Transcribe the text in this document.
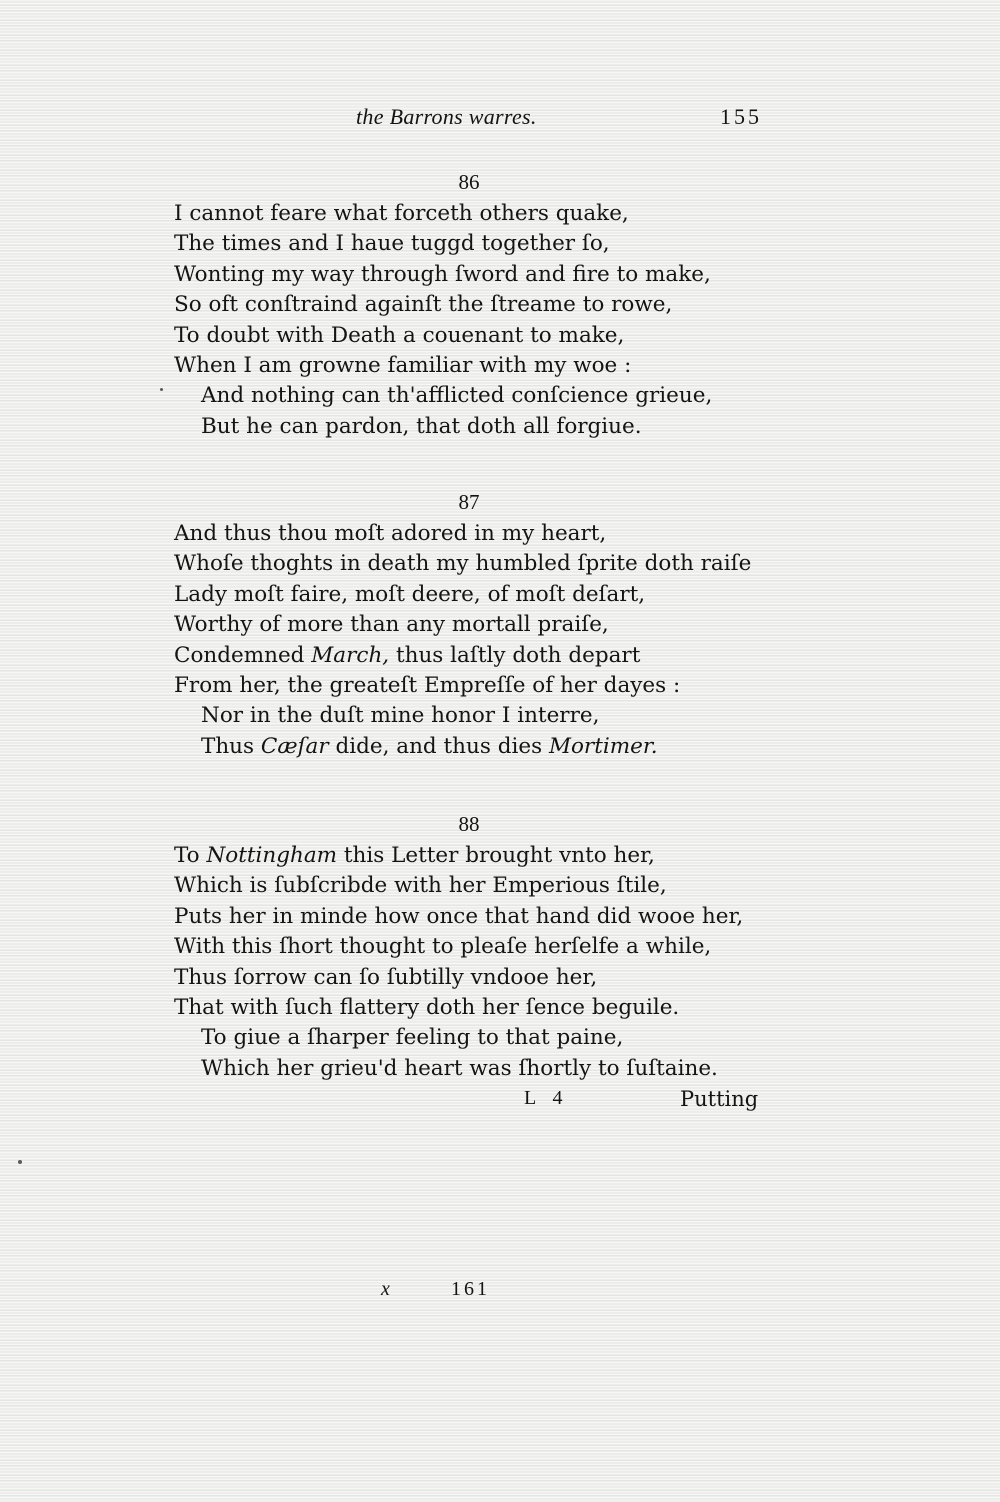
the Barrons warres.	155
86
I cannot feare what forceth others quake,
The times and I haue tuggd together ſo,
Wonting my way through ſword and fire to make,
So oft conſtraind againſt the ſtreame to rowe,
To doubt with Death a couenant to make,
When I am growne familiar with my woe :
And nothing can th'afflicted conſcience grieue,
But he can pardon, that doth all forgiue.
87
And thus thou moſt adored in my heart,
Whoſe thoghts in death my humbled ſprite doth raiſe
Lady moſt faire, moſt deere, of moſt deſart,
Worthy of more than any mortall praiſe,
Condemned March, thus laſtly doth depart
From her, the greateſt Empreſſe of her dayes :
Nor in the duſt mine honor I interre,
Thus Cæſar dide, and thus dies Mortimer.
88
To Nottingham this Letter brought vnto her,
Which is ſubſcribde with her Emperious ſtile,
Puts her in minde how once that hand did wooe her,
With this ſhort thought to pleaſe herſelfe a while,
Thus ſorrow can ſo ſubtilly vndooe her,
That with ſuch flattery doth her ſence beguile.
To giue a ſharper feeling to that paine,
Which her grieu'd heart was ſhortly to ſuſtaine.
L 4	Putting
x	161
